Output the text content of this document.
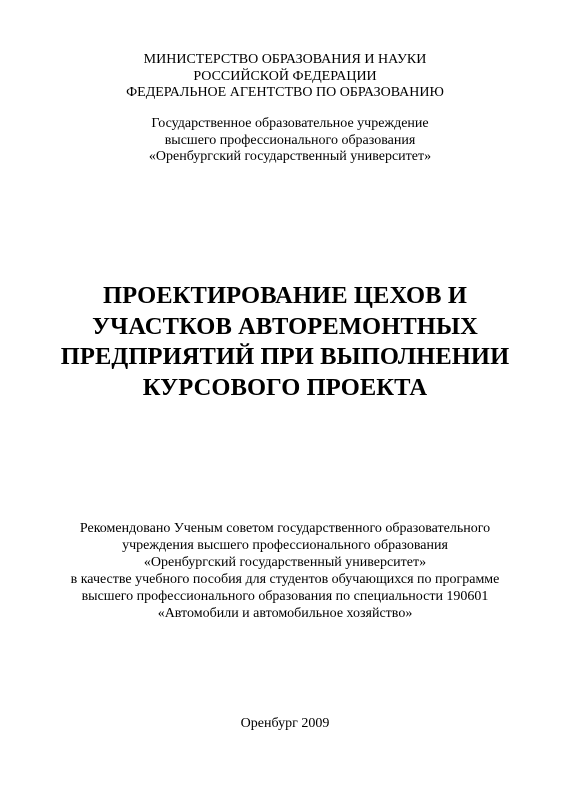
МИНИСТЕРСТВО ОБРАЗОВАНИЯ И НАУКИ
РОССИЙСКОЙ ФЕДЕРАЦИИ
ФЕДЕРАЛЬНОЕ АГЕНТСТВО ПО ОБРАЗОВАНИЮ
Государственное образовательное учреждение
высшего профессионального образования
«Оренбургский государственный университет»
ПРОЕКТИРОВАНИЕ ЦЕХОВ И
УЧАСТКОВ АВТОРЕМОНТНЫХ
ПРЕДПРИЯТИЙ ПРИ ВЫПОЛНЕНИИ
КУРСОВОГО ПРОЕКТА
Рекомендовано Ученым советом государственного образовательного
учреждения высшего профессионального образования
«Оренбургский государственный университет»
в качестве учебного пособия для студентов обучающихся по программе
высшего профессионального образования по специальности 190601
«Автомобили и автомобильное хозяйство»
Оренбург 2009
